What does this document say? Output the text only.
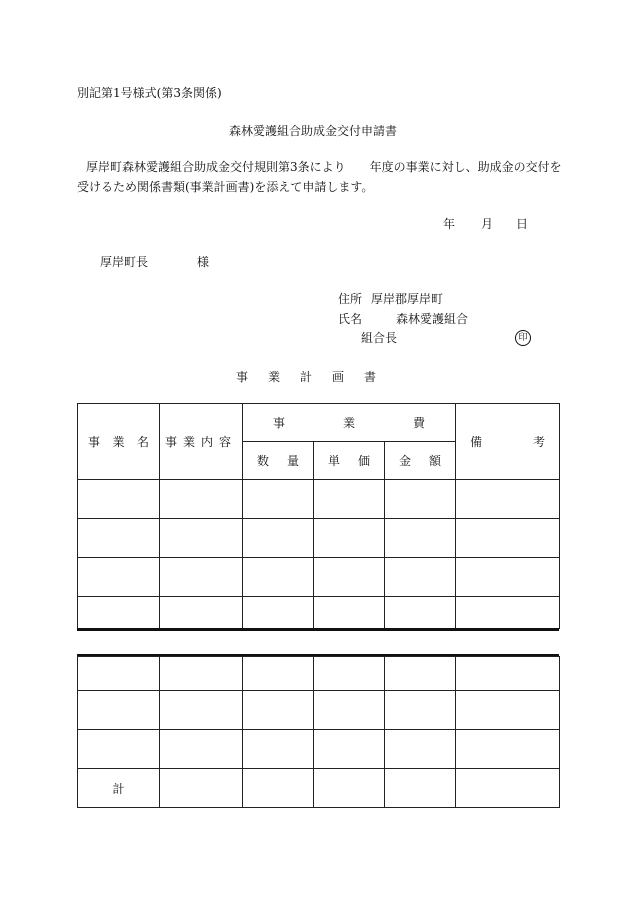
別記第1号様式(第3条関係)
森林愛護組合助成金交付申請書
厚岸町森林愛護組合助成金交付規則第3条により　　年度の事業に対し、助成金の交付を
受けるため関係書類(事業計画書)を添えて申請します。
年 月 日
厚岸町長	様
住所 厚岸郡厚岸町
氏名	森林愛護組合
組合長	印
事　業　計　画　書
事 業 名	事業内容	事 業 費			備 考

		数 量	単 価	金 額	

計					
